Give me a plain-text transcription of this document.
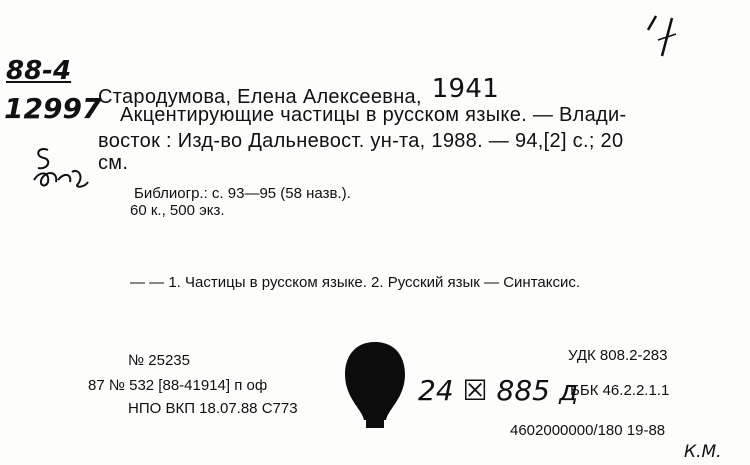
88-4
12997
Стародумова, Елена Алексеевна, 1941
Акцентирующие частицы в русском языке. — Влади-
восток : Изд-во Дальневост. ун-та, 1988. — 94,[2] с.; 20
см.
Библиогр.: с. 93—95 (58 назв.).
60 к., 500 экз.
— — 1. Частицы в русском языке. 2. Русский язык — Синтаксис.
№ 25235
87 № 532 [88-41914] п оф
НПО ВКП 18.07.88 С773
УДК 808.2-283
24 ☒ 885 д
ББК 46.2.2.1.1
4602000000/180 19-88
К.М.
